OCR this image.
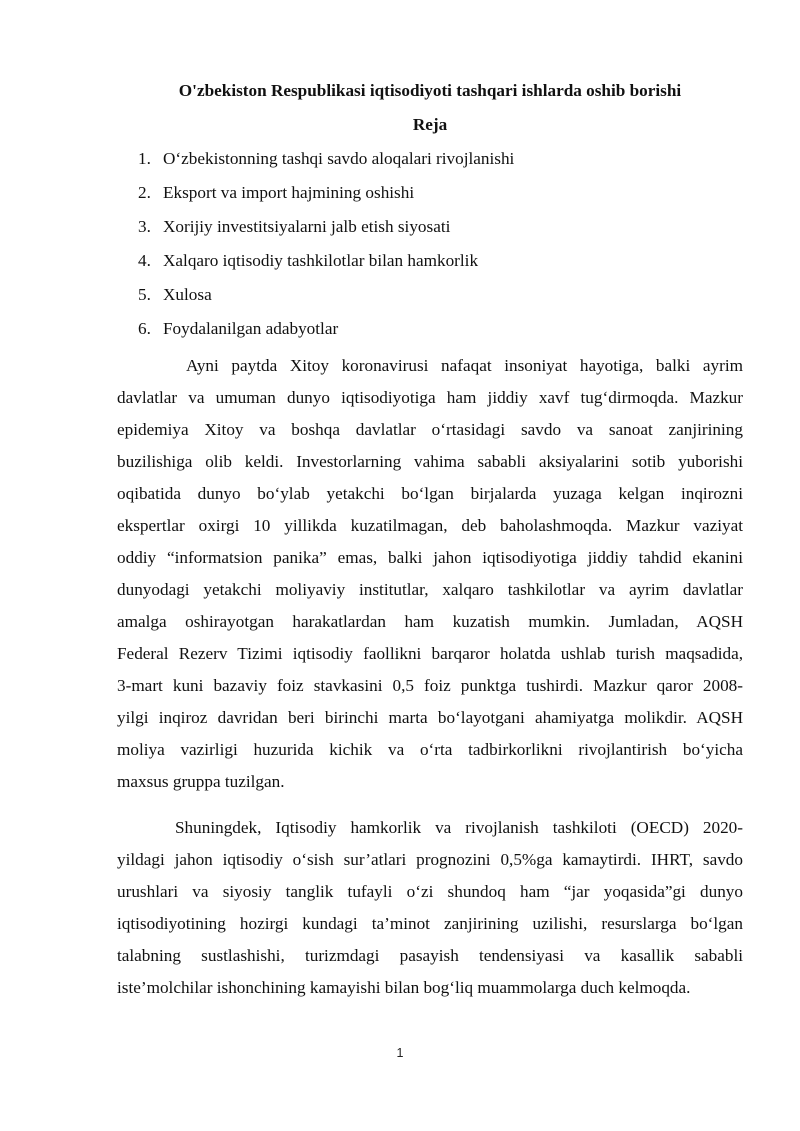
O'zbekiston Respublikasi iqtisodiyoti tashqari ishlarda oshib borishi
Reja
1. O‘zbekistonning tashqi savdo aloqalari rivojlanishi
2. Eksport va import hajmining oshishi
3. Xorijiy investitsiyalarni jalb etish siyosati
4. Xalqaro iqtisodiy tashkilotlar bilan hamkorlik
5. Xulosa
6. Foydalanilgan adabyotlar

Ayni paytda Xitoy koronavirusi nafaqat insoniyat hayotiga, balki ayrim
davlatlar va umuman dunyo iqtisodiyotiga ham jiddiy xavf tug‘dirmoqda. Mazkur
epidemiya Xitoy va boshqa davlatlar o‘rtasidagi savdo va sanoat zanjirining
buzilishiga olib keldi. Investorlarning vahima sababli aksiyalarini sotib yuborishi
oqibatida dunyo bo‘ylab yetakchi bo‘lgan birjalarda yuzaga kelgan inqirozni
ekspertlar oxirgi 10 yillikda kuzatilmagan, deb baholashmoqda. Mazkur vaziyat
oddiy “informatsion panika” emas, balki jahon iqtisodiyotiga jiddiy tahdid ekanini
dunyodagi yetakchi moliyaviy institutlar, xalqaro tashkilotlar va ayrim davlatlar
amalga oshirayotgan harakatlardan ham kuzatish mumkin. Jumladan, AQSH
Federal Rezerv Tizimi iqtisodiy faollikni barqaror holatda ushlab turish maqsadida,
3-mart kuni bazaviy foiz stavkasini 0,5 foiz punktga tushirdi. Mazkur qaror 2008-
yilgi inqiroz davridan beri birinchi marta bo‘layotgani ahamiyatga molikdir. AQSH
moliya vazirligi huzurida kichik va o‘rta tadbirkorlikni rivojlantirish bo‘yicha
maxsus gruppa tuzilgan.

Shuningdek, Iqtisodiy hamkorlik va rivojlanish tashkiloti (OECD) 2020-
yildagi jahon iqtisodiy o‘sish sur’atlari prognozini 0,5%ga kamaytirdi. IHRT, savdo
urushlari va siyosiy tanglik tufayli o‘zi shundoq ham “jar yoqasida”gi dunyo
iqtisodiyotining hozirgi kundagi ta’minot zanjirining uzilishi, resurslarga bo‘lgan
talabning sustlashishi, turizmdagi pasayish tendensiyasi va kasallik sababli
iste’molchilar ishonchining kamayishi bilan bog‘liq muammolarga duch kelmoqda.

1
